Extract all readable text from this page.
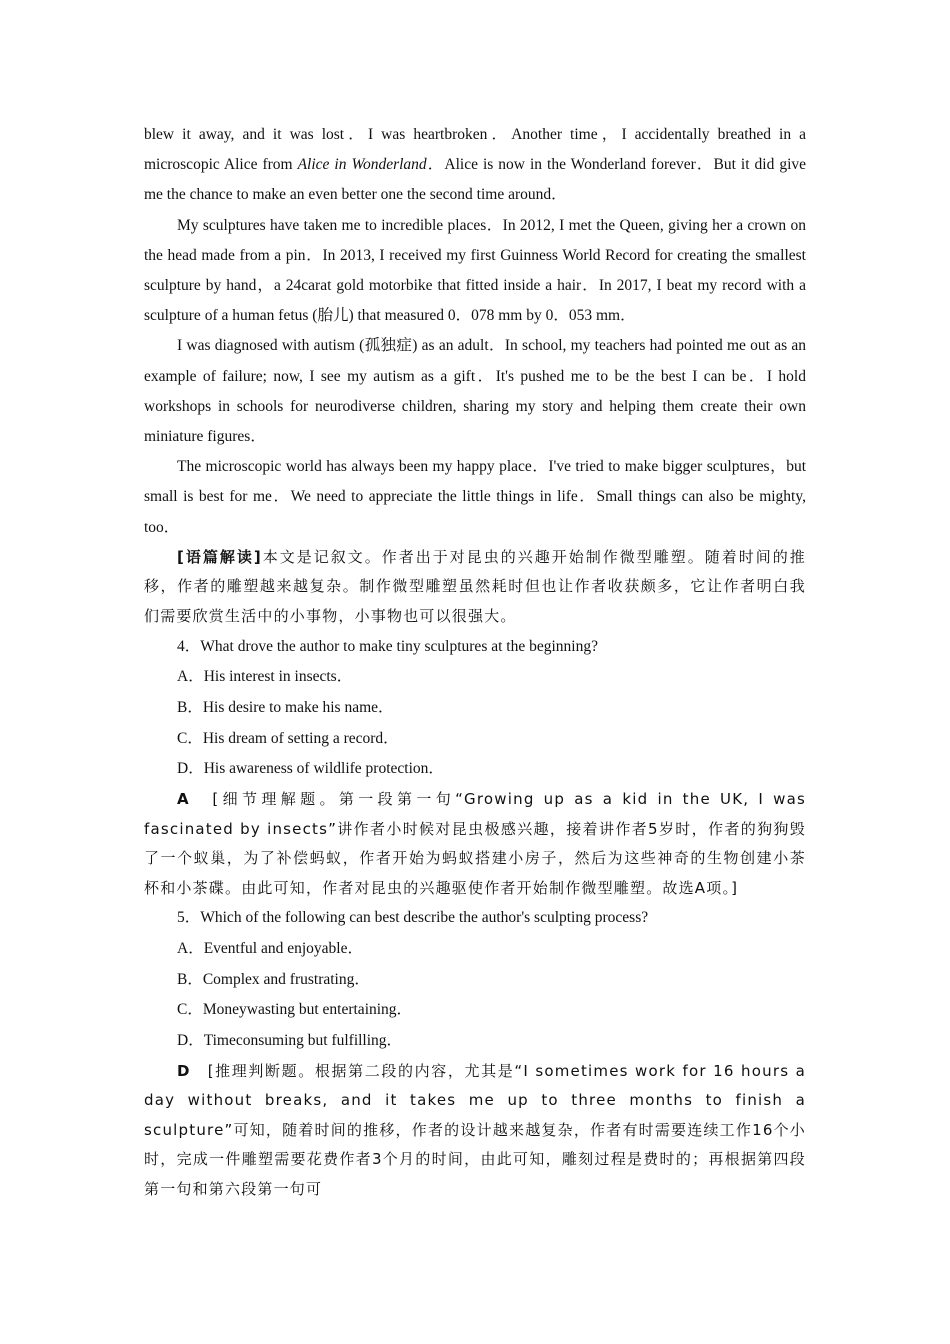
blew it away, and it was lost．I was heartbroken．Another time，I accidentally breathed in a microscopic Alice from Alice in Wonderland．Alice is now in the Wonderland forever．But it did give me the chance to make an even better one the second time around．

My sculptures have taken me to incredible places．In 2012, I met the Queen, giving her a crown on the head made from a pin．In 2013, I received my first Guinness World Record for creating the smallest sculpture by hand，a 24carat gold motorbike that fitted inside a hair．In 2017, I beat my record with a sculpture of a human fetus (胎儿) that measured 0．078 mm by 0．053 mm．

I was diagnosed with autism (孤独症) as an adult．In school, my teachers had pointed me out as an example of failure; now, I see my autism as a gift．It's pushed me to be the best I can be．I hold workshops in schools for neurodiverse children, sharing my story and helping them create their own miniature figures．

The microscopic world has always been my happy place．I've tried to make bigger sculptures，but small is best for me．We need to appreciate the little things in life．Small things can also be mighty, too．

[语篇解读]本文是记叙文。作者出于对昆虫的兴趣开始制作微型雕塑。随着时间的推移，作者的雕塑越来越复杂。制作微型雕塑虽然耗时但也让作者收获颇多，它让作者明白我们需要欣赏生活中的小事物，小事物也可以很强大。

4．What drove the author to make tiny sculptures at the beginning?

A．His interest in insects．

B．His desire to make his name．

C．His dream of setting a record．

D．His awareness of wildlife protection．

A　 [细节理解题。第一段第一句“Growing up as a kid in the UK, I was fascinated by insects”讲作者小时候对昆虫极感兴趣，接着讲作者5岁时，作者的狗狗毁了一个蚁巢，为了补偿蚂蚁，作者开始为蚂蚁搭建小房子，然后为这些神奇的生物创建小茶杯和小茶碟。由此可知，作者对昆虫的兴趣驱使作者开始制作微型雕塑。故选A项。]

5．Which of the following can best describe the author's sculpting process?

A．Eventful and enjoyable．

B．Complex and frustrating．

C．Moneywasting but entertaining．

D．Timeconsuming but fulfilling．

D　 [推理判断题。根据第二段的内容，尤其是“I sometimes work for 16 hours a day without breaks, and it takes me up to three months to finish a sculpture”可知，随着时间的推移，作者的设计越来越复杂，作者有时需要连续工作16个小时，完成一件雕塑需要花费作者3个月的时间，由此可知，雕刻过程是费时的；再根据第四段第一句和第六段第一句可
